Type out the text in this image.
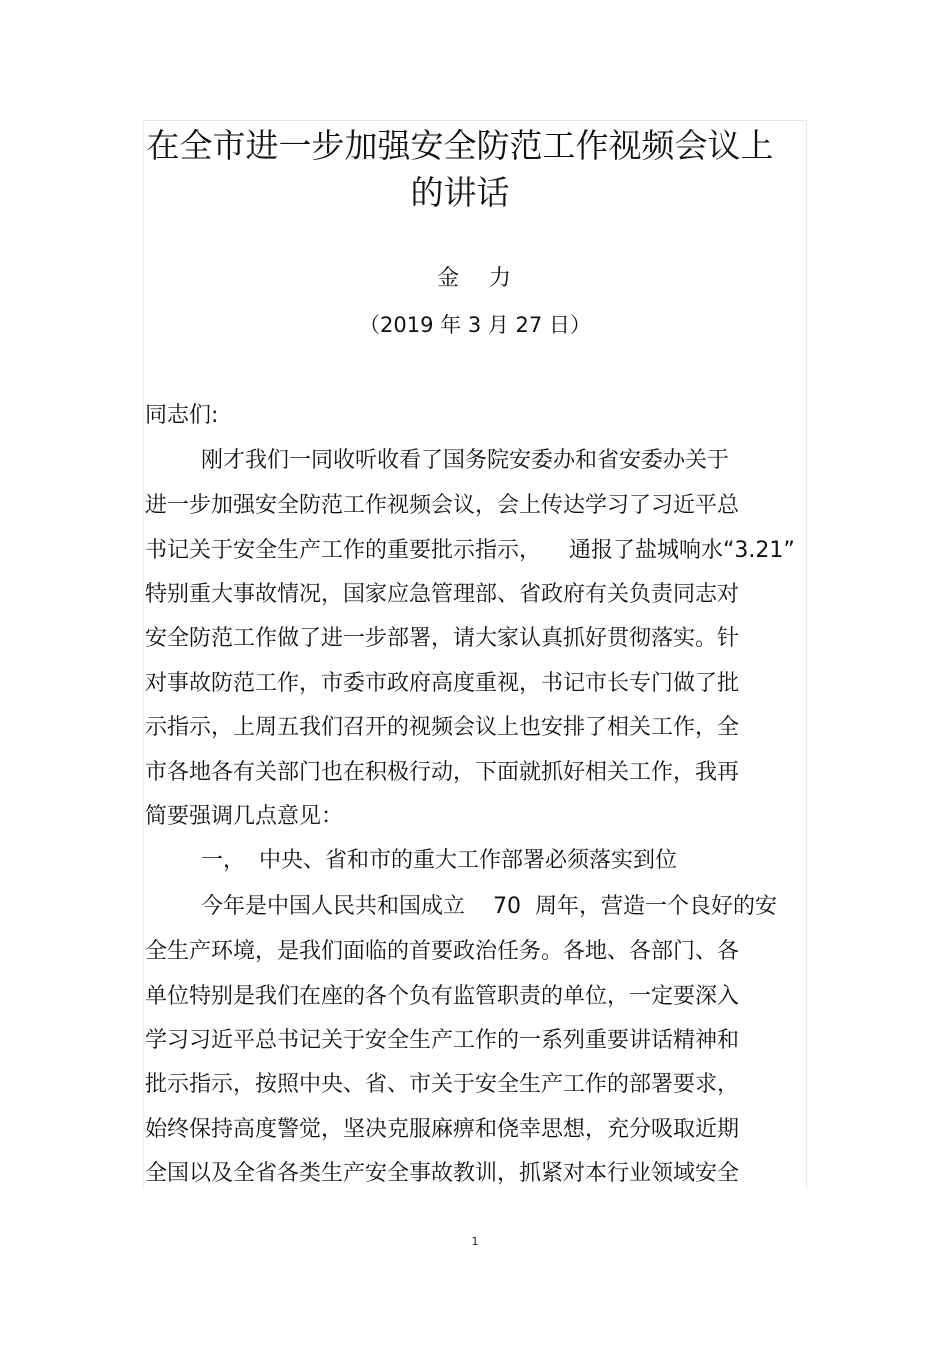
在全市进一步加强安全防范工作视频会议上
的讲话
金力
（2019 年 3 月 27 日）
同志们:
刚才我们一同收听收看了国务院安委办和省安委办关于
进一步加强安全防范工作视频会议，会上传达学习了习近平总
书记关于安全生产工作的重要批示指示，    通报了盐城响水“3.21”
特别重大事故情况，国家应急管理部、省政府有关负责同志对
安全防范工作做了进一步部署，请大家认真抓好贯彻落实。针
对事故防范工作，市委市政府高度重视，书记市长专门做了批
示指示，上周五我们召开的视频会议上也安排了相关工作，全
市各地各有关部门也在积极行动，下面就抓好相关工作，我再
简要强调几点意见：
一，  中央、省和市的重大工作部署必须落实到位
今年是中国人民共和国成立    70  周年，营造一个良好的安
全生产环境，是我们面临的首要政治任务。各地、各部门、各
单位特别是我们在座的各个负有监管职责的单位，一定要深入
学习习近平总书记关于安全生产工作的一系列重要讲话精神和
批示指示，按照中央、省、市关于安全生产工作的部署要求，
始终保持高度警觉，坚决克服麻痹和侥幸思想，充分吸取近期
全国以及全省各类生产安全事故教训，抓紧对本行业领域安全
1
